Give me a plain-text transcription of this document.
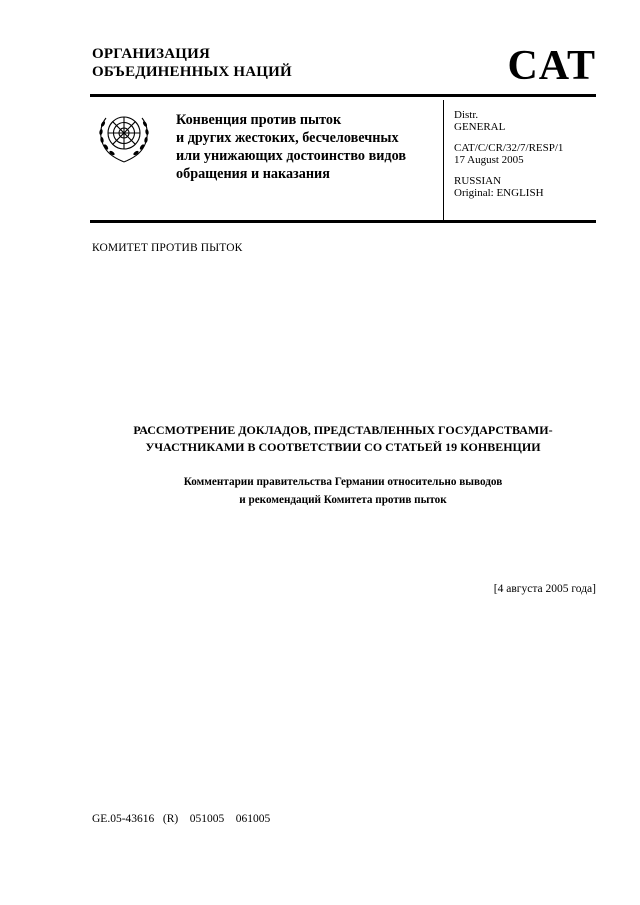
ОРГАНИЗАЦИЯ
ОБЪЕДИНЕННЫХ НАЦИЙ	CAT
Конвенция против пыток
и других жестоких, бесчеловечных
или унижающих достоинство видов
обращения и наказания
Distr.
GENERAL
CAT/C/CR/32/7/RESP/1
17 August 2005
RUSSIAN
Original: ENGLISH
КОМИТЕТ ПРОТИВ ПЫТОК
РАССМОТРЕНИЕ ДОКЛАДОВ, ПРЕДСТАВЛЕННЫХ ГОСУДАРСТВАМИ-
УЧАСТНИКАМИ В СООТВЕТСТВИИ СО СТАТЬЕЙ 19 КОНВЕНЦИИ
Комментарии правительства Германии относительно выводов
и рекомендаций Комитета против пыток
[4 августа 2005 года]
GE.05-43616   (R)    051005    061005
